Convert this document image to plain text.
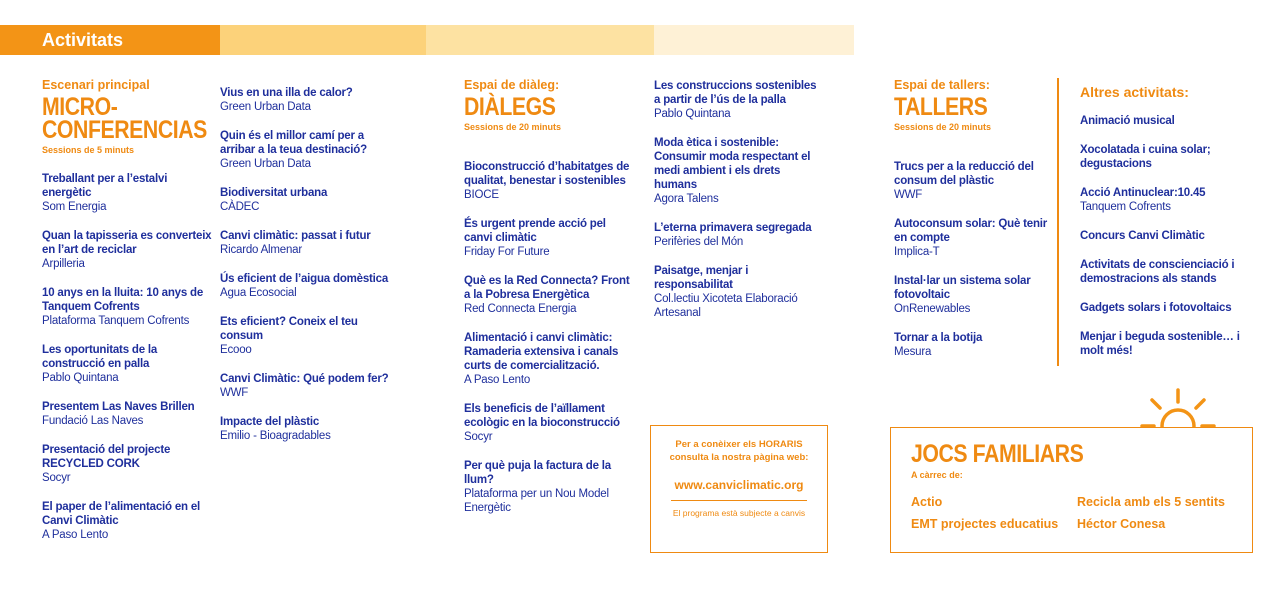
Activitats
Escenari principal
MICRO-
CONFERENCIAS
Sessions de 5 minuts
Treballant per a l’estalvi energètic
Som Energia
Quan la tapisseria es converteix en l’art de reciclar
Arpilleria
10 anys en la lluita: 10 anys de Tanquem Cofrents
Plataforma Tanquem Cofrents
Les oportunitats de la construcció en palla
Pablo Quintana
Presentem Las Naves Brillen
Fundació Las Naves
Presentació del projecte RECYCLED CORK
Socyr
El paper de l’alimentació en el Canvi Climàtic
A Paso Lento
Vius en una illa de calor?
Green Urban Data
Quin és el millor camí per a arribar a la teua destinació?
Green Urban Data
Biodiversitat urbana
CÀDEC
Canvi climàtic: passat i futur
Ricardo Almenar
Ús eficient de l’aigua domèstica
Agua Ecosocial
Ets eficient? Coneix el teu consum
Ecooo
Canvi Climàtic: Qué podem fer?
WWF
Impacte del plàstic
Emilio - Bioagradables
Espai de diàleg:
DIÀLEGS
Sessions de 20 minuts
Bioconstrucció d’habitatges de qualitat, benestar i sostenibles
BIOCE
És urgent prende acció pel canvi climàtic
Friday For Future
Què es la Red Connecta? Front a la Pobresa Energètica
Red Connecta Energia
Alimentació i canvi climàtic: Ramaderia extensiva i canals curts de comercialització.
A Paso Lento
Els beneficis de l’aïllament ecològic en la bioconstrucció
Socyr
Per què puja la factura de la llum?
Plataforma per un Nou Model Energètic
Les construccions sostenibles a partir de l’ús de la palla
Pablo Quintana
Moda ètica i sostenible: Consumir moda respectant el medi ambient i els drets humans
Agora Talens
L’eterna primavera segregada
Perifèries del Món
Paisatge, menjar i responsabilitat
Col.lectiu Xicoteta Elaboració Artesanal
Per a conèixer els HORARIS
consulta la nostra pàgina web:
www.canviclimatic.org
El programa està subjecte a canvis
Espai de tallers:
TALLERS
Sessions de 20 minuts
Trucs per a la reducció del consum del plàstic
WWF
Autoconsum solar: Què tenir en compte
Implica-T
Instal·lar un sistema solar fotovoltaic
OnRenewables
Tornar a la botija
Mesura
Altres activitats:
Animació musical
Xocolatada i cuina solar; degustacions
Acció Antinuclear:10.45
Tanquem Cofrents
Concurs Canvi Climàtic
Activitats de conscienciació i demostracions als stands
Gadgets solars i fotovoltaics
Menjar i beguda sostenible… i molt més!
JOCS FAMILIARS
A càrrec de:
Actio
EMT projectes educatius
Recicla amb els 5 sentits
Héctor Conesa
